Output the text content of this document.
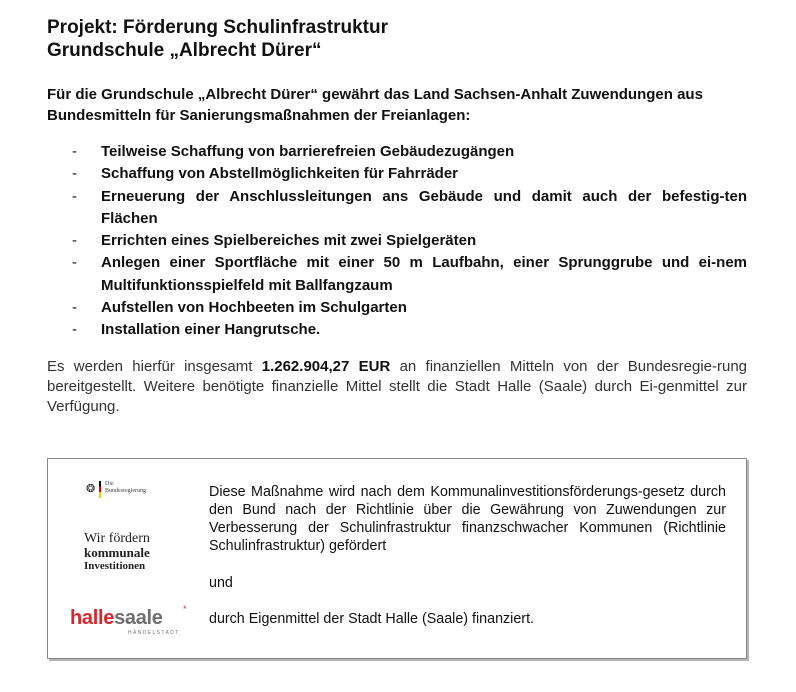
Projekt: Förderung Schulinfrastruktur
Grundschule „Albrecht Dürer“

Für die Grundschule „Albrecht Dürer“ gewährt das Land Sachsen-Anhalt Zuwendungen aus Bundesmitteln für Sanierungsmaßnahmen der Freianlagen:

- Teilweise Schaffung von barrierefreien Gebäudezugängen
- Schaffung von Abstellmöglichkeiten für Fahrräder
- Erneuerung der Anschlussleitungen ans Gebäude und damit auch der befestig-ten Flächen
- Errichten eines Spielbereiches mit zwei Spielgeräten
- Anlegen einer Sportfläche mit einer 50 m Laufbahn, einer Sprunggrube und ei-nem Multifunktionsspielfeld mit Ballfangzaum
- Aufstellen von Hochbeeten im Schulgarten
- Installation einer Hangrutsche.

Es werden hierfür insgesamt 1.262.904,27 EUR an finanziellen Mitteln von der Bundesregie-rung bereitgestellt. Weitere benötigte finanzielle Mittel stellt die Stadt Halle (Saale) durch Ei-genmittel zur Verfügung.

❂ Die
Bundesregierung
Wir fördern
kommunale
Investitionen
hallesaale *
HÄNDELSTADT

Diese Maßnahme wird nach dem Kommunalinvestitionsförderungs-gesetz durch den Bund nach der Richtlinie über die Gewährung von Zuwendungen zur Verbesserung der Schulinfrastruktur finanzschwacher Kommunen (Richtlinie Schulinfrastruktur) gefördert

und

durch Eigenmittel der Stadt Halle (Saale) finanziert.
